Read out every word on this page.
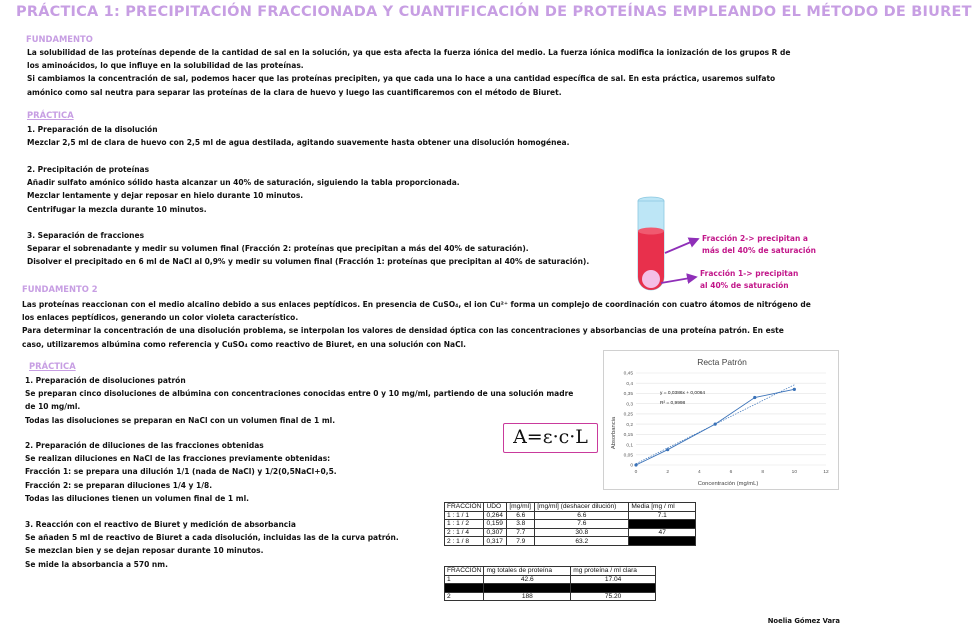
PRÁCTICA 1: PRECIPITACIÓN FRACCIONADA Y CUANTIFICACIÓN DE PROTEÍNAS EMPLEANDO EL MÉTODO DE BIURET
FUNDAMENTO
La solubilidad de las proteínas depende de la cantidad de sal en la solución, ya que esta afecta la fuerza iónica del medio. La fuerza iónica modifica la ionización de los grupos R de
los aminoácidos, lo que influye en la solubilidad de las proteínas.
Si cambiamos la concentración de sal, podemos hacer que las proteínas precipiten, ya que cada una lo hace a una cantidad específica de sal. En esta práctica, usaremos sulfato
amónico como sal neutra para separar las proteínas de la clara de huevo y luego las cuantificaremos con el método de Biuret.
PRÁCTICA
1. Preparación de la disolución
Mezclar 2,5 ml de clara de huevo con 2,5 ml de agua destilada, agitando suavemente hasta obtener una disolución homogénea.
2. Precipitación de proteínas
Añadir sulfato amónico sólido hasta alcanzar un 40% de saturación, siguiendo la tabla proporcionada.
Mezclar lentamente y dejar reposar en hielo durante 10 minutos.
Centrifugar la mezcla durante 10 minutos.
3. Separación de fracciones
Separar el sobrenadante y medir su volumen final (Fracción 2: proteínas que precipitan a más del 40% de saturación).
Disolver el precipitado en 6 ml de NaCl al 0,9% y medir su volumen final (Fracción 1: proteínas que precipitan al 40% de saturación).
Fracción 2-> precipitan a
más del 40% de saturación
Fracción 1-> precipitan
al 40% de saturación
FUNDAMENTO 2
Las proteínas reaccionan con el medio alcalino debido a sus enlaces peptídicos. En presencia de CuSO₄, el ion Cu²⁺ forma un complejo de coordinación con cuatro átomos de nitrógeno de
los enlaces peptídicos, generando un color violeta característico.
Para determinar la concentración de una disolución problema, se interpolan los valores de densidad óptica con las concentraciones y absorbancias de una proteína patrón. En este
caso, utilizaremos albúmina como referencia y CuSO₄ como reactivo de Biuret, en una solución con NaCl.
PRÁCTICA
1. Preparación de disoluciones patrón
Se preparan cinco disoluciones de albúmina con concentraciones conocidas entre 0 y 10 mg/ml, partiendo de una solución madre
de 10 mg/ml.
Todas las disoluciones se preparan en NaCl con un volumen final de 1 ml.
2. Preparación de diluciones de las fracciones obtenidas
Se realizan diluciones en NaCl de las fracciones previamente obtenidas:
Fracción 1: se prepara una dilución 1/1 (nada de NaCl) y 1/2(0,5NaCl+0,5.
Fracción 2: se preparan diluciones 1/4 y 1/8.
Todas las diluciones tienen un volumen final de 1 ml.
3. Reacción con el reactivo de Biuret y medición de absorbancia
Se añaden 5 ml de reactivo de Biuret a cada disolución, incluidas las de la curva patrón.
Se mezclan bien y se dejan reposar durante 10 minutos.
Se mide la absorbancia a 570 nm.
A=ε·c·L
Recta Patrón
0
0,05
0,1
0,15
0,2
0,25
0,3
0,35
0,4
0,45
0	2	4	6	8	10	12
y = 0,0386x + 0,0064
R² = 0,9998
Concentración (mg/mL)
Absorbancia
FRACCIÓN	UDO	[mg/ml]	[mg/ml] (deshacer dilución)	Media [mg / ml
1 : 1 / 1	0,264	6.6	6.6	7.1
1 : 1 / 2	0,159	3.8	7.6	
2 : 1 / 4	0,307	7.7	30.8	47
2 : 1 / 8	0,317	7.9	63.2	
FRACCIÓN	mg totales de proteína	mg proteína / ml clara
1	42.6	17.04

2	188	75.20
Noelia Gómez Vara
